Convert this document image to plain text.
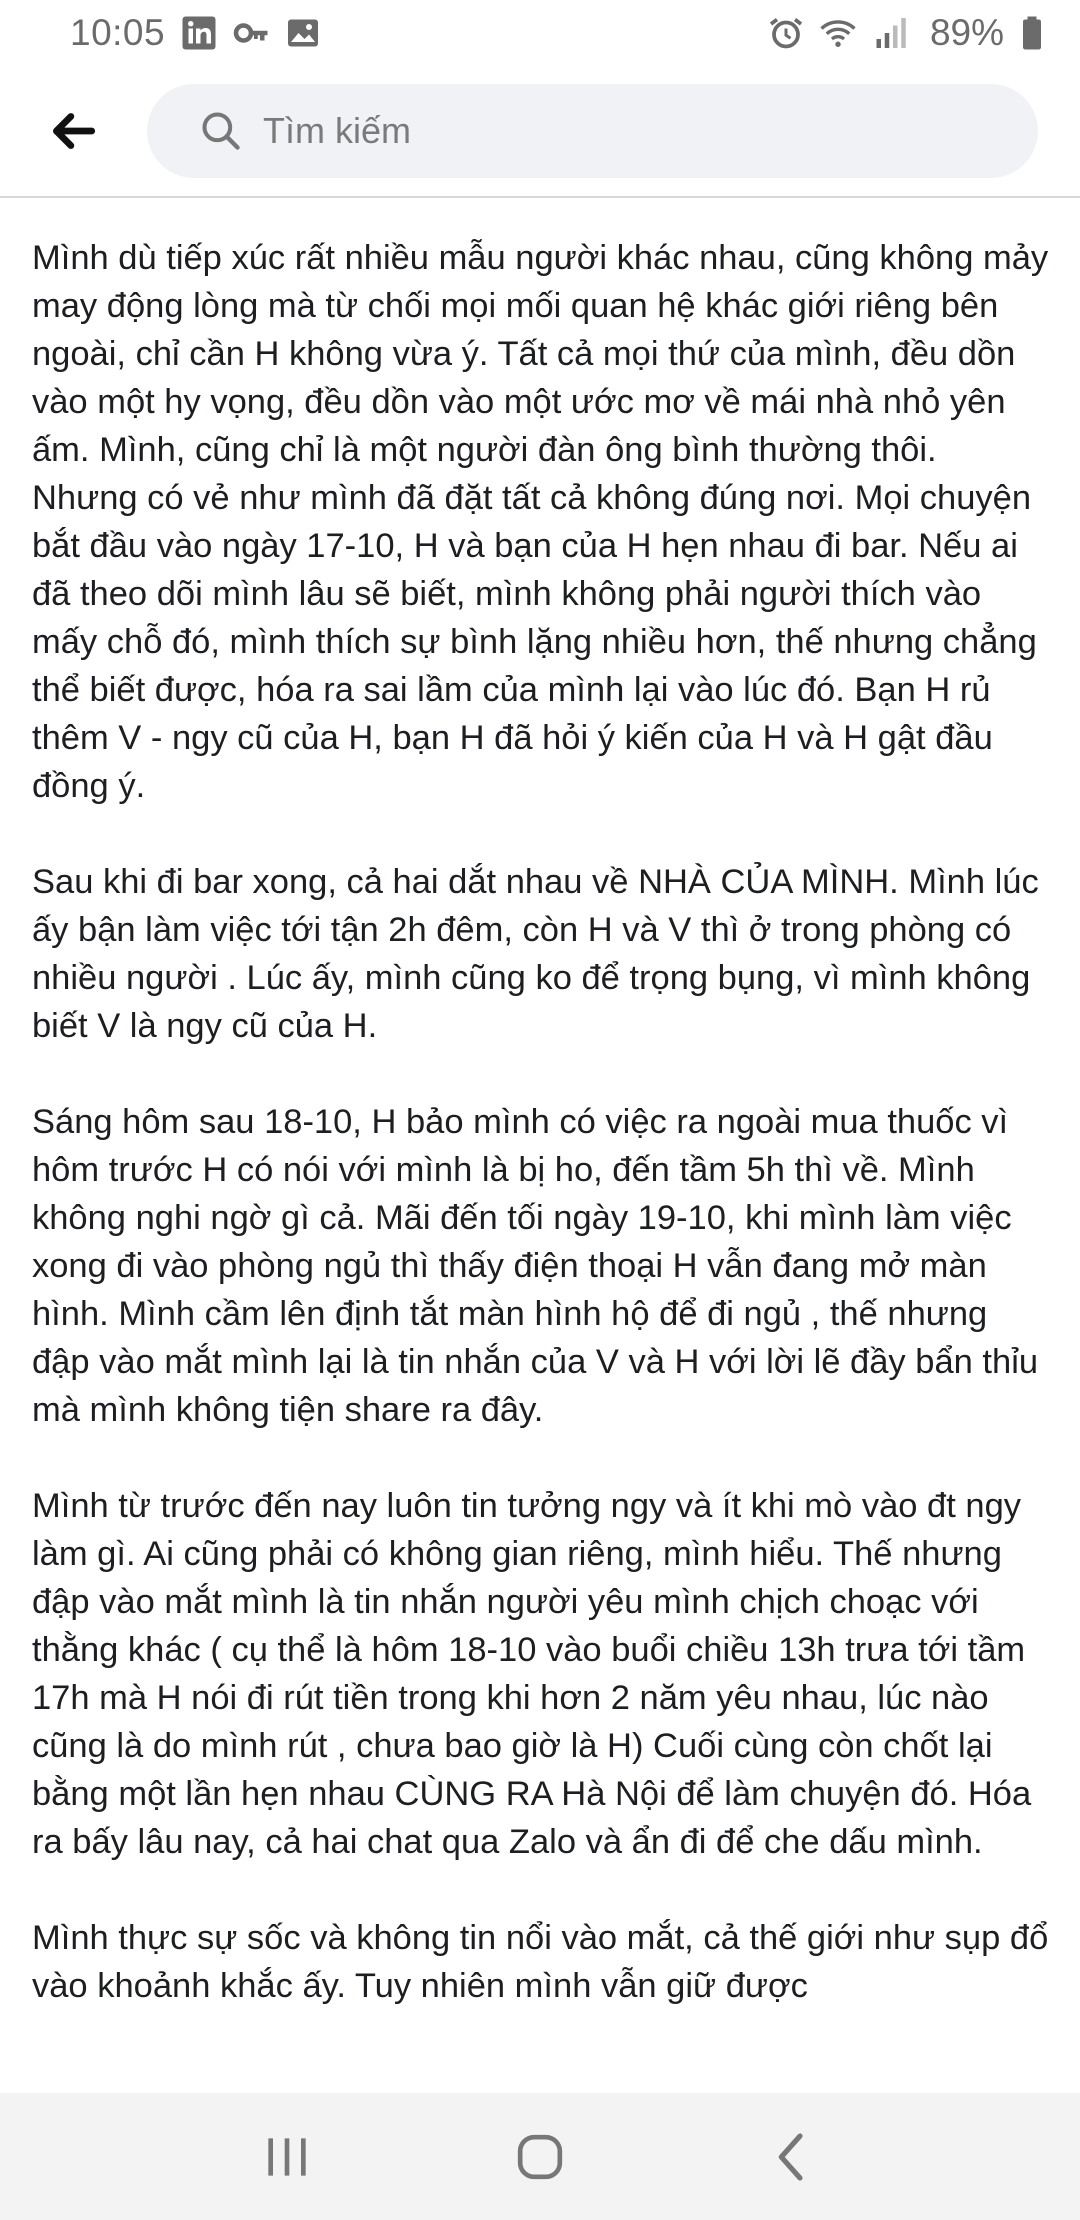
10:05	89%
Tìm kiếm

Mình dù tiếp xúc rất nhiều mẫu người khác nhau, cũng không mảy may động lòng mà từ chối mọi mối quan hệ khác giới riêng bên ngoài, chỉ cần H không vừa ý. Tất cả mọi thứ của mình, đều dồn vào một hy vọng, đều dồn vào một ước mơ về mái nhà nhỏ yên ấm. Mình, cũng chỉ là một người đàn ông bình thường thôi.

Nhưng có vẻ như mình đã đặt tất cả không đúng nơi. Mọi chuyện bắt đầu vào ngày 17-10, H và bạn của H hẹn nhau đi bar. Nếu ai đã theo dõi mình lâu sẽ biết, mình không phải người thích vào mấy chỗ đó, mình thích sự bình lặng nhiều hơn, thế nhưng chẳng thể biết được, hóa ra sai lầm của mình lại vào lúc đó. Bạn H rủ thêm V - ngy cũ của H, bạn H đã hỏi ý kiến của H và H gật đầu đồng ý.

Sau khi đi bar xong, cả hai dắt nhau về NHÀ CỦA MÌNH. Mình lúc ấy bận làm việc tới tận 2h đêm, còn H và V thì ở trong phòng có nhiều người . Lúc ấy, mình cũng ko để trọng bụng, vì mình không biết V là ngy cũ của H.

Sáng hôm sau 18-10, H bảo mình có việc ra ngoài mua thuốc vì hôm trước H có nói với mình là bị ho, đến tầm 5h thì về. Mình không nghi ngờ gì cả. Mãi đến tối ngày 19-10, khi mình làm việc xong đi vào phòng ngủ thì thấy điện thoại H vẫn đang mở màn hình. Mình cầm lên định tắt màn hình hộ để đi ngủ , thế nhưng đập vào mắt mình lại là tin nhắn của V và H với lời lẽ đầy bẩn thỉu mà mình không tiện share ra đây.

Mình từ trước đến nay luôn tin tưởng ngy và ít khi mò vào đt ngy làm gì. Ai cũng phải có không gian riêng, mình hiểu. Thế nhưng đập vào mắt mình là tin nhắn người yêu mình chịch choạc với thằng khác ( cụ thể là hôm 18-10 vào buổi chiều 13h trưa tới tầm 17h mà H nói đi rút tiền trong khi hơn 2 năm yêu nhau, lúc nào cũng là do mình rút , chưa bao giờ là H) Cuối cùng còn chốt lại bằng một lần hẹn nhau CÙNG RA Hà Nội để làm chuyện đó. Hóa ra bấy lâu nay, cả hai chat qua Zalo và ẩn đi để che dấu mình.

Mình thực sự sốc và không tin nổi vào mắt, cả thế giới như sụp đổ vào khoảnh khắc ấy. Tuy nhiên mình vẫn giữ được
